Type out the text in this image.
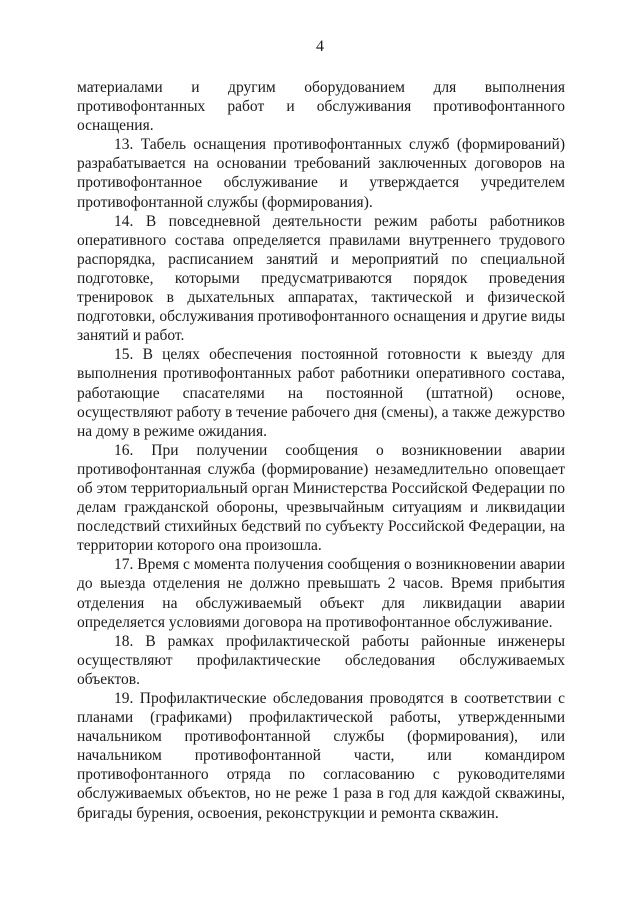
4

материалами и другим оборудованием для выполнения противофонтанных работ и обслуживания противофонтанного оснащения.

13. Табель оснащения противофонтанных служб (формирований) разрабатывается на основании требований заключенных договоров на противофонтанное обслуживание и утверждается учредителем противофонтанной службы (формирования).

14. В повседневной деятельности режим работы работников оперативного состава определяется правилами внутреннего трудового распорядка, расписанием занятий и мероприятий по специальной подготовке, которыми предусматриваются порядок проведения тренировок в дыхательных аппаратах, тактической и физической подготовки, обслуживания противофонтанного оснащения и другие виды занятий и работ.

15. В целях обеспечения постоянной готовности к выезду для выполнения противофонтанных работ работники оперативного состава, работающие спасателями на постоянной (штатной) основе, осуществляют работу в течение рабочего дня (смены), а также дежурство на дому в режиме ожидания.

16. При получении сообщения о возникновении аварии противофонтанная служба (формирование) незамедлительно оповещает об этом территориальный орган Министерства Российской Федерации по делам гражданской обороны, чрезвычайным ситуациям и ликвидации последствий стихийных бедствий по субъекту Российской Федерации, на территории которого она произошла.

17. Время с момента получения сообщения о возникновении аварии до выезда отделения не должно превышать 2 часов. Время прибытия отделения на обслуживаемый объект для ликвидации аварии определяется условиями договора на противофонтанное обслуживание.

18. В рамках профилактической работы районные инженеры осуществляют профилактические обследования обслуживаемых объектов.

19. Профилактические обследования проводятся в соответствии с планами (графиками) профилактической работы, утвержденными начальником противофонтанной службы (формирования), или начальником противофонтанной части, или командиром противофонтанного отряда по согласованию с руководителями обслуживаемых объектов, но не реже 1 раза в год для каждой скважины, бригады бурения, освоения, реконструкции и ремонта скважин.
